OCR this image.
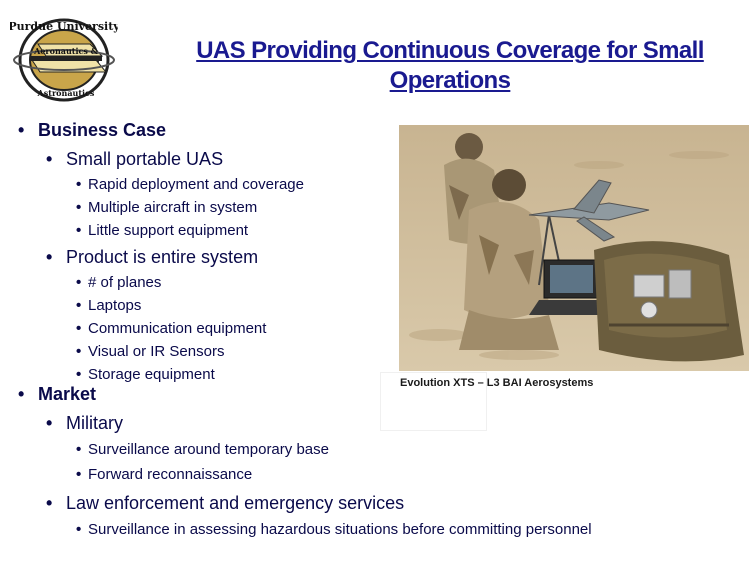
Purdue University
Aeronautics &
Astronautics
UAS Providing Continuous Coverage for Small Operations
• Business Case
• Small portable UAS
• Rapid deployment and coverage
• Multiple aircraft in system
• Little support equipment
• Product is entire system
• # of planes
• Laptops
• Communication equipment
• Visual or IR Sensors
• Storage equipment
• Market
• Military
• Surveillance around temporary base
• Forward reconnaissance
• Law enforcement and emergency services
• Surveillance in assessing hazardous situations before committing personnel
Evolution XTS – L3 BAI Aerosystems
